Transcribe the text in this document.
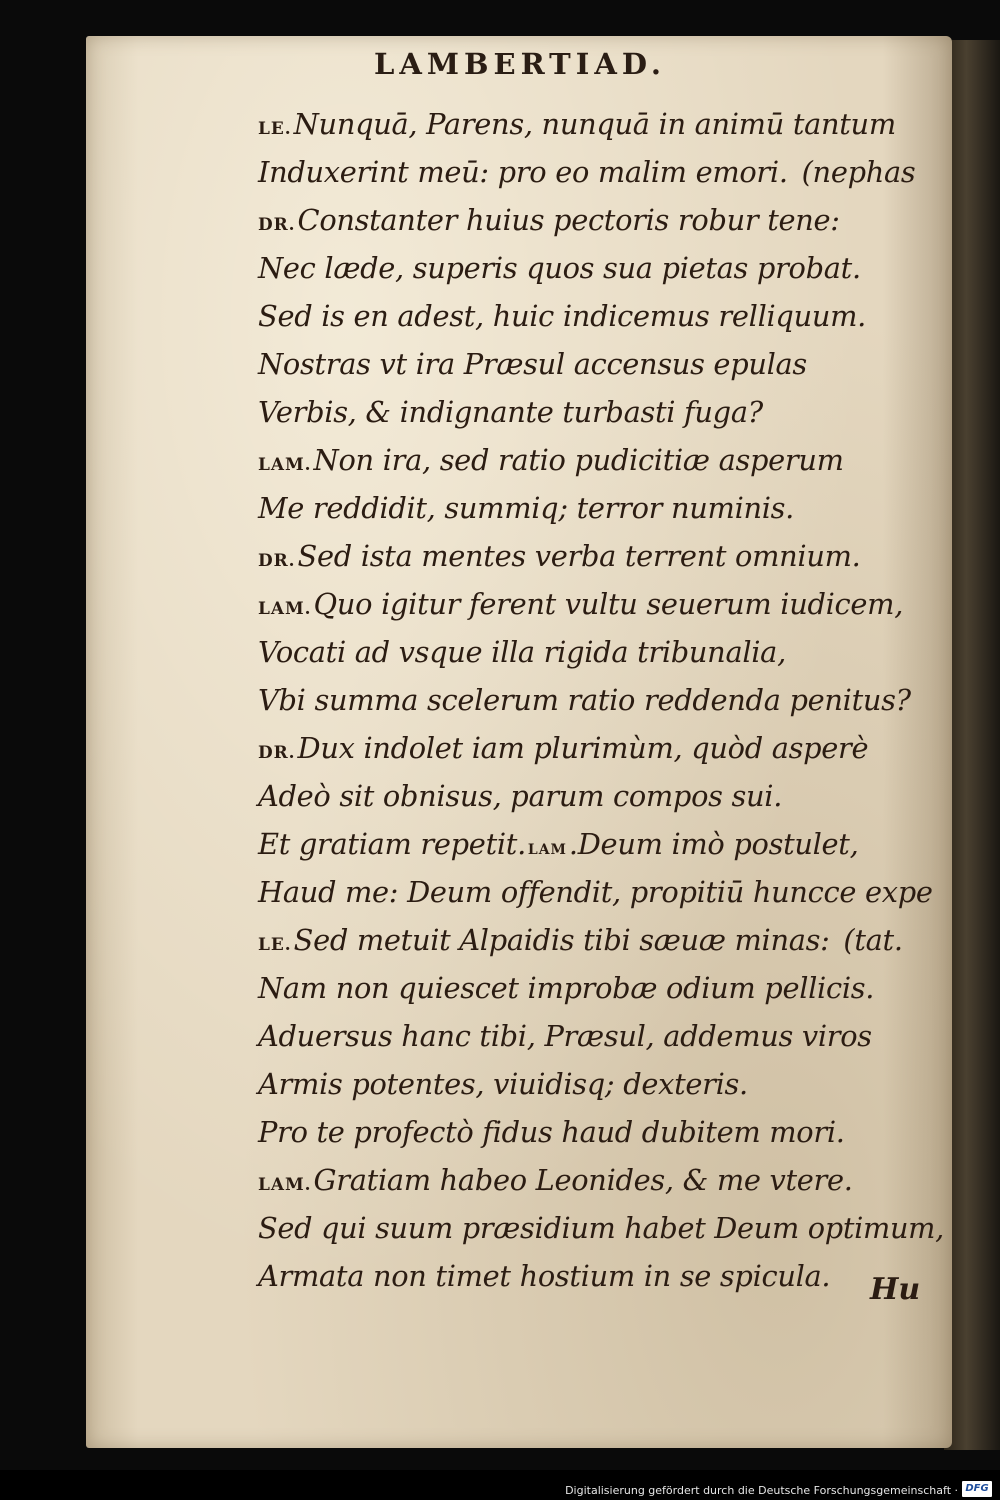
LAMBERTIAD.
LE.Nunquā, Parens, nunquā in animū tantum
Induxerint meū: pro eo malim emori. (nephas
DR.Constanter huius pectoris robur tene:
Nec læde, superis quos sua pietas probat.
Sed is en adest, huic indicemus relliquum.
Nostras vt ira Præsul accensus epulas
Verbis, & indignante turbasti fuga?
LAM.Non ira, sed ratio pudicitiæ asperum
Me reddidit, summiq; terror numinis.
DR.Sed ista mentes verba terrent omnium.
LAM.Quo igitur ferent vultu seuerum iudicem,
Vocati ad vsque illa rigida tribunalia,
Vbi summa scelerum ratio reddenda penitus?
DR.Dux indolet iam plurimùm, quòd asperè
Adeò sit obnisus, parum compos sui.
Et gratiam repetit. LAM.Deum imò postulet,
Haud me: Deum offendit, propitiū huncce expe
LE.Sed metuit Alpaidis tibi sæuæ minas: (tat.
Nam non quiescet improbæ odium pellicis.
Aduersus hanc tibi, Præsul, addemus viros
Armis potentes, viuidisq; dexteris.
Pro te profectò fidus haud dubitem mori.
LAM.Gratiam habeo Leonides, & me vtere.
Sed qui suum præsidium habet Deum optimum,
Armata non timet hostium in se spicula.	Hu

Digitalisierung gefördert durch die Deutsche Forschungsgemeinschaft · DFG
